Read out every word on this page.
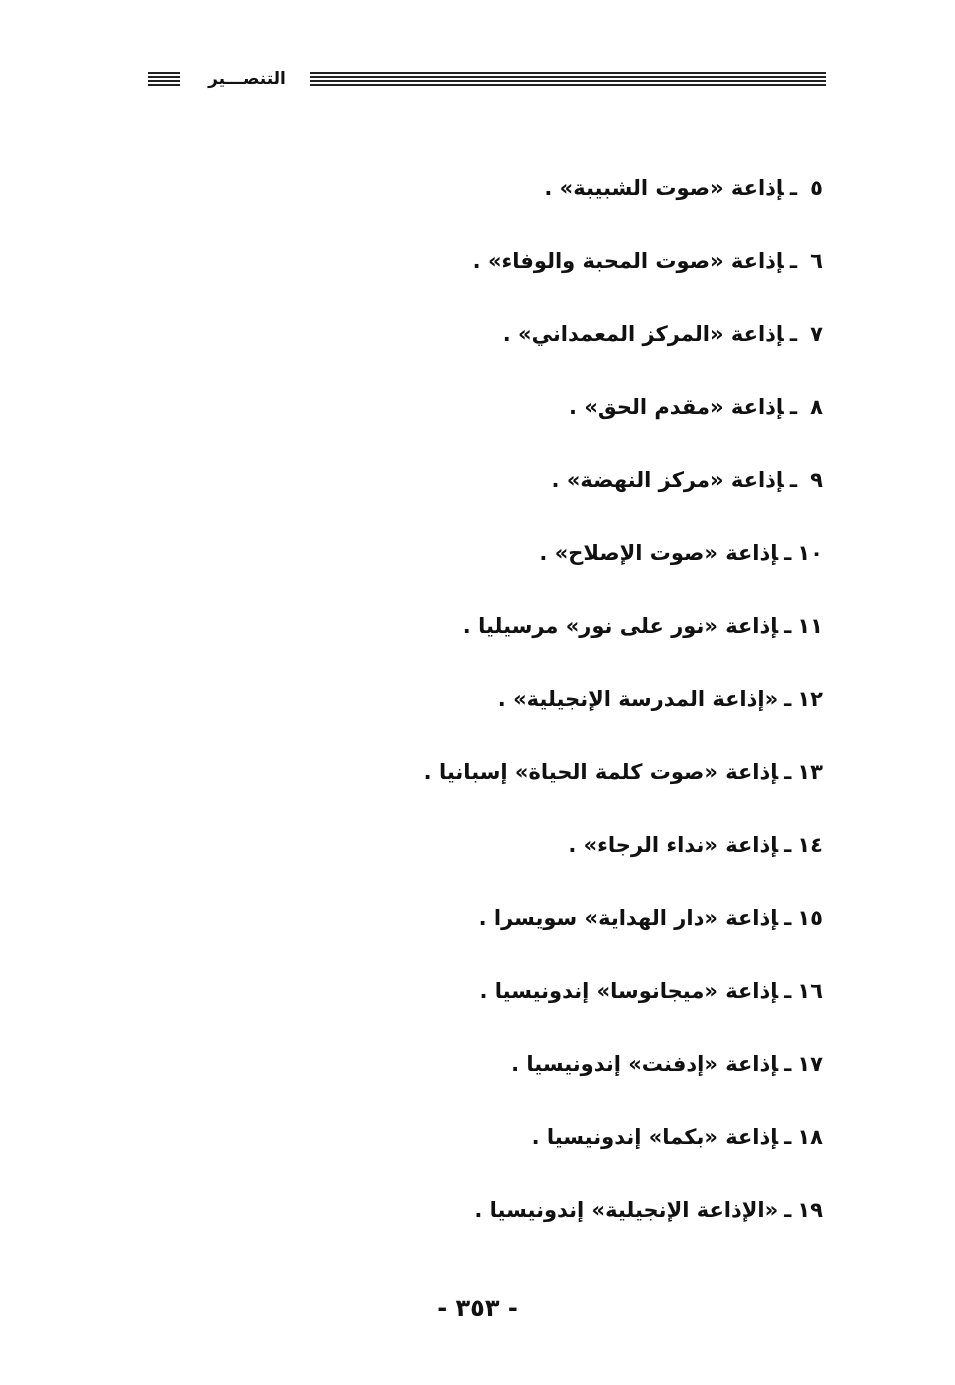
التنصـــير
٥ـإذاعة «صوت الشبيبة» .
٦ـإذاعة «صوت المحبة والوفاء» .
٧ـإذاعة «المركز المعمداني» .
٨ـإذاعة «مقدم الحق» .
٩ـإذاعة «مركز النهضة» .
١٠ـإذاعة «صوت الإصلاح» .
١١ـإذاعة «نور على نور» مرسيليا .
١٢ـ«إذاعة المدرسة الإنجيلية» .
١٣ـإذاعة «صوت كلمة الحياة» إسبانيا .
١٤ـإذاعة «نداء الرجاء» .
١٥ـإذاعة «دار الهداية» سويسرا .
١٦ـإذاعة «ميجانوسا» إندونيسيا .
١٧ـإذاعة «إدفنت» إندونيسيا .
١٨ـإذاعة «بكما» إندونيسيا .
١٩ـ«الإذاعة الإنجيلية» إندونيسيا .
- ٣٥٣ -
